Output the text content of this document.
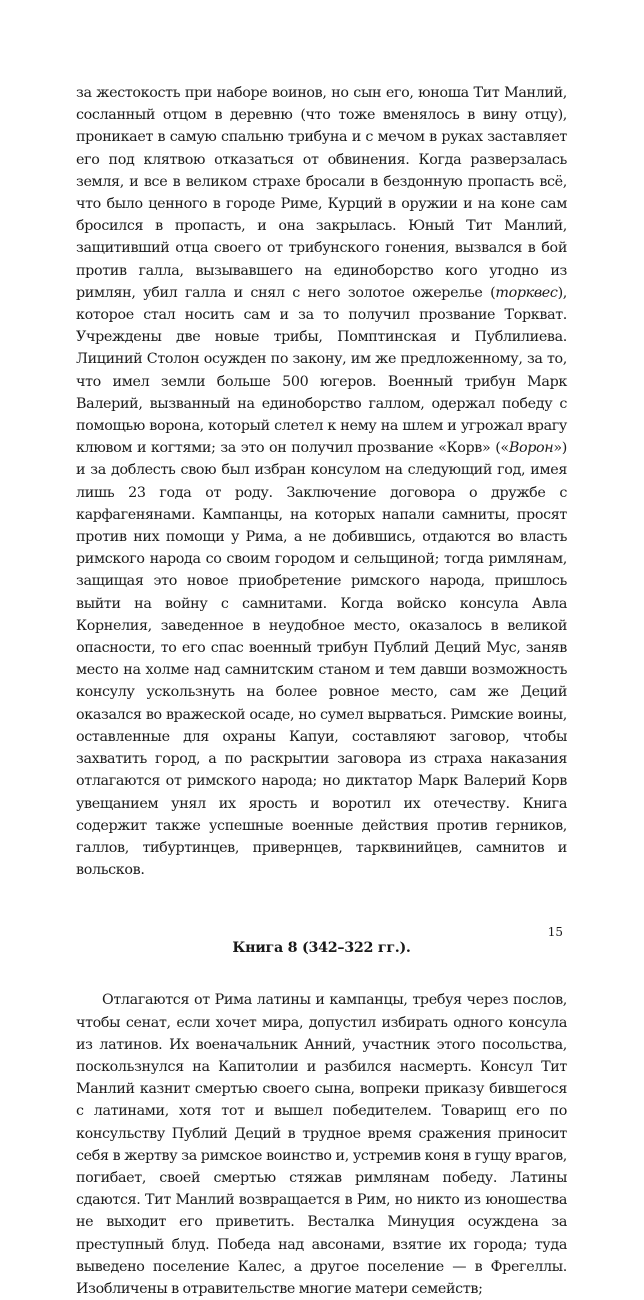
за жестокость при наборе воинов, но сын его, юноша Тит Манлий, сосланный отцом в деревню (что тоже вменялось в вину отцу), проникает в самую спальню трибуна и с мечом в руках заставляет его под клятвою отказаться от обвинения. Когда разверзалась земля, и все в великом страхе бросали в бездонную пропасть всё, что было ценного в городе Риме, Курций в оружии и на коне сам бросился в пропасть, и она закрылась. Юный Тит Манлий, защитивший отца своего от трибунского гонения, вызвался в бой против галла, вызывавшего на единоборство кого угодно из римлян, убил галла и снял с него золотое ожерелье (торквес), которое стал носить сам и за то получил прозвание Торкват. Учреждены две новые трибы, Помптинская и Публилиева. Лициний Столон осужден по закону, им же предложенному, за то, что имел земли больше 500 югеров. Военный трибун Марк Валерий, вызванный на единоборство галлом, одержал победу с помощью ворона, который слетел к нему на шлем и угрожал врагу клювом и когтями; за это он получил прозвание «Корв» («Ворон») и за доблесть свою был избран консулом на следующий год, имея лишь 23 года от роду. Заключение договора о дружбе с карфагенянами. Кампанцы, на которых напали самниты, просят против них помощи у Рима, а не добившись, отдаются во власть римского народа со своим городом и сельщиной; тогда римлянам, защищая это новое приобретение римского народа, пришлось выйти на войну с самнитами. Когда войско консула Авла Корнелия, заведенное в неудобное место, оказалось в великой опасности, то его спас военный трибун Публий Деций Мус, заняв место на холме над самнитским станом и тем давши возможность консулу ускользнуть на более ровное место, сам же Деций оказался во вражеской осаде, но сумел вырваться. Римские воины, оставленные для охраны Капуи, составляют заговор, чтобы захватить город, а по раскрытии заговора из страха наказания отлагаются от римского народа; но диктатор Марк Валерий Корв увещанием унял их ярость и воротил их отечеству. Книга содержит также успешные военные действия против герников, галлов, тибуртинцев, привернцев, тарквинийцев, самнитов и вольсков.

Книга 8 (342–322 гг.).

Отлагаются от Рима латины и кампанцы, требуя через послов, чтобы сенат, если хочет мира, допустил избирать одного консула из латинов. Их военачальник Анний, участник этого посольства, поскользнулся на Капитолии и разбился насмерть. Консул Тит Манлий казнит смертью своего сына, вопреки приказу бившегося с латинами, хотя тот и вышел победителем. Товарищ его по консульству Публий Деций в трудное время сражения приносит себя в жертву за римское воинство и, устремив коня в гущу врагов, погибает, своей смертью стяжав римлянам победу. Латины сдаются. Тит Манлий возвращается в Рим, но никто из юношества не выходит его приветить. Весталка Минуция осуждена за преступный блуд. Победа над авсонами, взятие их города; туда выведено поселение Калес, а другое поселение — в Фрегеллы. Изобличены в отравительстве многие матери семейств;

15
